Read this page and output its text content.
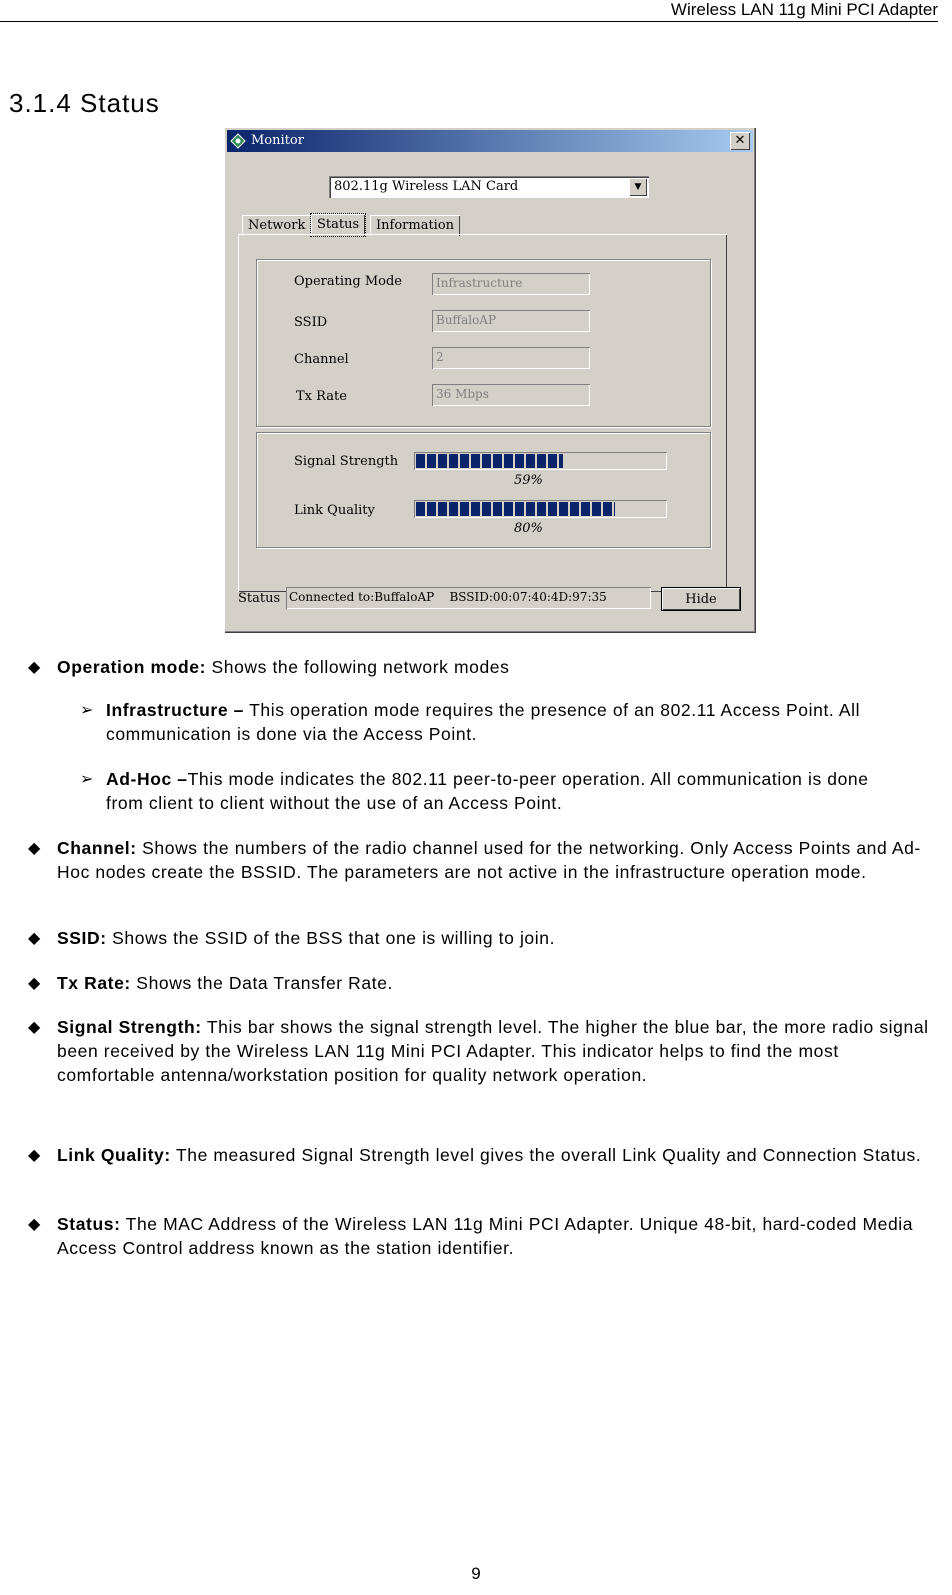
Wireless LAN 11g Mini PCI Adapter
3.1.4 Status
Monitor	✕
802.11g Wireless LAN Card	▼
Network Status	Information
Operating Mode	Infrastructure
SSID	BuffaloAP
Channel	2
Tx Rate	36 Mbps
Signal Strength
59%
Link Quality
80%
Status Connected to:BuffaloAP    BSSID:00:07:40:4D:97:35	Hide
◆ Operation mode: Shows the following network modes
➢ Infrastructure – This operation mode requires the presence of an 802.11 Access Point. All communication is done via the Access Point.
➢ Ad-Hoc –This mode indicates the 802.11 peer-to-peer operation. All communication is done from client to client without the use of an Access Point.
◆ Channel: Shows the numbers of the radio channel used for the networking. Only Access Points and Ad-Hoc nodes create the BSSID. The parameters are not active in the infrastructure operation mode.
◆ SSID: Shows the SSID of the BSS that one is willing to join.
◆ Tx Rate: Shows the Data Transfer Rate.
◆ Signal Strength: This bar shows the signal strength level. The higher the blue bar, the more radio signal been received by the Wireless LAN 11g Mini PCI Adapter. This indicator helps to find the most comfortable antenna/workstation position for quality network operation.
◆ Link Quality: The measured Signal Strength level gives the overall Link Quality and Connection Status.
◆ Status: The MAC Address of the Wireless LAN 11g Mini PCI Adapter. Unique 48-bit, hard-coded Media Access Control address known as the station identifier.
9
